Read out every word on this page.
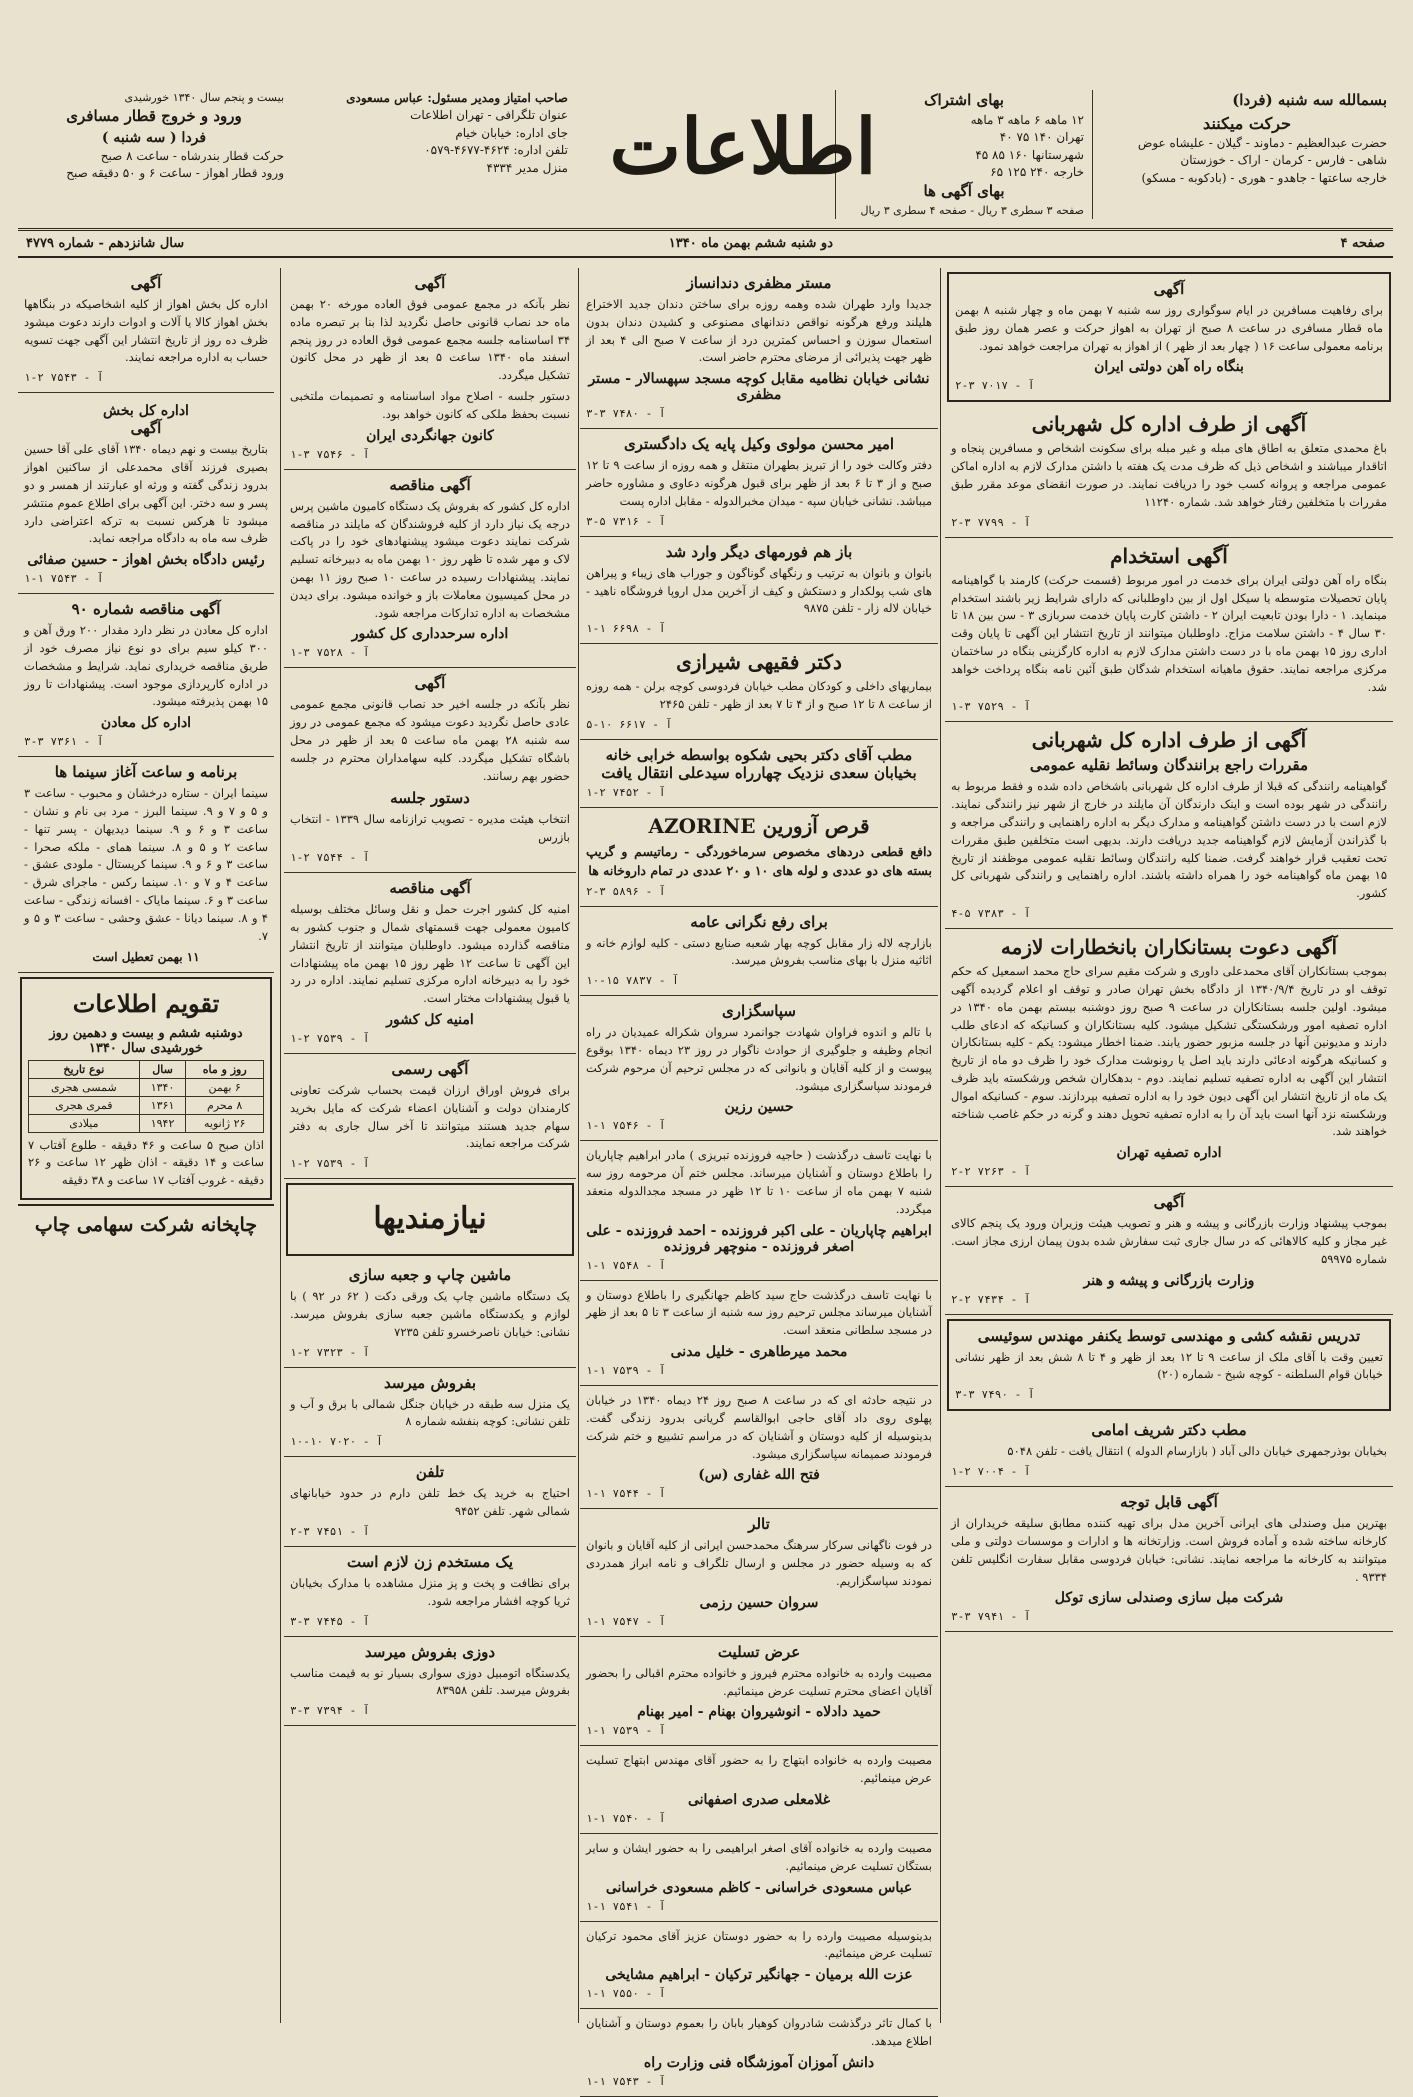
بسمالله سه شنبه (فردا)
حرکت میکنند
حضرت عبدالعظیم - دماوند - گیلان - علیشاه عوض
شاهی - فارس - کرمان - اراک - خوزستان
خارجه ساعتها - جاهدو - هوری - (بادکوبه - مسکو)
بهای اشتراک
۱۲ ماهه ۶ ماهه ۳ ماهه
تهران ۱۴۰ ۷۵ ۴۰
شهرستانها ۱۶۰ ۸۵ ۴۵
خارجه ۲۴۰ ۱۲۵ ۶۵
بهای آگهی ها
صفحه ۳ سطری ۳ ریال - صفحه ۴ سطری ۳ ریال
اطلاعات
صاحب امتیاز ومدیر مسئول: عباس مسعودی
عنوان تلگرافی - تهران اطلاعات
جای اداره: خیابان خیام
تلفن اداره: ۴۶۲۴-۴۶۷۷-۰۵۷۹
منزل مدیر ۴۳۳۴
بیست و پنجم سال ۱۳۴۰ خورشیدی
ورود و خروج قطار مسافری
فردا ( سه شنبه )
حرکت قطار بندرشاه - ساعت ۸ صبح
ورود قطار اهواز - ساعت ۶ و ۵۰ دقیقه صبح
صفحه ۴
دو شنبه ششم بهمن ماه ۱۳۴۰
سال شانزدهم - شماره ۴۷۷۹
آگهی

برای رفاهیت مسافرین در ایام سوگواری روز سه شنبه ۷ بهمن ماه و چهار شنبه ۸ بهمن ماه قطار مسافری در ساعت ۸ صبح از تهران به اهواز حرکت و عصر همان روز طبق برنامه معمولی ساعت ۱۶ ( چهار بعد از ظهر ) از اهواز به تهران مراجعت خواهد نمود.

بنگاه راه آهن دولتی ایران
آ - ۷۰۱۷ ۳-۲
آگهی از طرف اداره کل شهربانی

باغ محمدی متعلق به اطاق های مبله و غیر مبله برای سکونت اشخاص و مسافرین پنجاه و اتاقدار میباشند و اشخاص ذیل که ظرف مدت یک هفته با داشتن مدارک لازم به اداره اماکن عمومی مراجعه و پروانه کسب خود را دریافت نمایند. در صورت انقضای موعد مقرر طبق مقررات با متخلفین رفتار خواهد شد. شماره ۱۱۲۴۰

آ - ۷۷۹۹ ۳-۲
آگهی استخدام

بنگاه راه آهن دولتی ایران برای خدمت در امور مربوط (قسمت حرکت) کارمند با گواهینامه پایان تحصیلات متوسطه یا سیکل اول از بین داوطلبانی که دارای شرایط زیر باشند استخدام مینماید. ۱ - دارا بودن تابعیت ایران ۲ - داشتن کارت پایان خدمت سربازی ۳ - سن بین ۱۸ تا ۳۰ سال ۴ - داشتن سلامت مزاج. داوطلبان میتوانند از تاریخ انتشار این آگهی تا پایان وقت اداری روز ۱۵ بهمن ماه با در دست داشتن مدارک لازم به اداره کارگزینی بنگاه در ساختمان مرکزی مراجعه نمایند. حقوق ماهیانه استخدام شدگان طبق آئین نامه بنگاه پرداخت خواهد شد.

آ - ۷۵۲۹ ۳-۱
آگهی از طرف اداره کل شهربانی
مقررات راجع برانندگان وسائط نقلیه عمومی

گواهینامه رانندگی که قبلا از طرف اداره کل شهربانی باشخاص داده شده و فقط مربوط به رانندگی در شهر بوده است و اینک دارندگان آن مایلند در خارج از شهر نیز رانندگی نمایند. لازم است با در دست داشتن گواهینامه و مدارک دیگر به اداره راهنمایی و رانندگی مراجعه و با گذراندن آزمایش لازم گواهینامه جدید دریافت دارند. بدیهی است متخلفین طبق مقررات تحت تعقیب قرار خواهند گرفت. ضمنا کلیه رانندگان وسائط نقلیه عمومی موظفند از تاریخ ۱۵ بهمن ماه گواهینامه خود را همراه داشته باشند. اداره راهنمایی و رانندگی شهربانی کل کشور.

آ - ۷۳۸۳ ۵-۴
آگهی دعوت بستانکاران بانخطارات لازمه

بموجب بستانکاران آقای محمدعلی داوری و شرکت مقیم سرای حاج محمد اسمعیل که حکم توقف او در تاریخ ۱۳۴۰/۹/۴ از دادگاه بخش تهران صادر و توقف او اعلام گردیده آگهی میشود. اولین جلسه بستانکاران در ساعت ۹ صبح روز دوشنبه بیستم بهمن ماه ۱۳۴۰ در اداره تصفیه امور ورشکستگی تشکیل میشود. کلیه بستانکاران و کسانیکه که ادعای طلب دارند و مدیونین آنها در جلسه مزبور حضور یابند. ضمنا اخطار میشود: یکم - کلیه بستانکاران و کسانیکه هرگونه ادعائی دارند باید اصل یا رونوشت مدارک خود را ظرف دو ماه از تاریخ انتشار این آگهی به اداره تصفیه تسلیم نمایند. دوم - بدهکاران شخص ورشکسته باید ظرف یک ماه از تاریخ انتشار این آگهی دیون خود را به اداره تصفیه بپردازند. سوم - کسانیکه اموال ورشکسته نزد آنها است باید آن را به اداره تصفیه تحویل دهند و گرنه در حکم غاصب شناخته خواهند شد.

اداره تصفیه تهران
آ - ۷۲۶۳ ۲-۲
آگهی

بموجب پیشنهاد وزارت بازرگانی و پیشه و هنر و تصویب هیئت وزیران ورود یک پنجم کالای غیر مجاز و کلیه کالاهائی که در سال جاری ثبت سفارش شده بدون پیمان ارزی مجاز است. شماره ۵۹۹۷۵

وزارت بازرگانی و پیشه و هنر
آ - ۷۴۳۴ ۲-۲
تدریس نقشه کشی و مهندسی توسط یکنفر مهندس سوئیسی

تعیین وقت با آقای ملک از ساعت ۹ تا ۱۲ بعد از ظهر و ۴ تا ۸ شش بعد از ظهر نشانی خیابان قوام السلطنه - کوچه شیخ - شماره (۲۰)

آ - ۷۴۹۰ ۳-۳
مطب دکتر شریف امامی

بخیابان بوذرجمهری خیابان دالی آباد ( بازارسام الدوله ) انتقال یافت - تلفن ۵۰۴۸

آ - ۷۰۰۴ ۲-۱
آگهی قابل توجه

بهترین مبل وصندلی های ایرانی آخرین مدل برای تهیه کننده مطابق سلیقه خریداران از کارخانه ساخته شده و آماده فروش است. وزارتخانه ها و ادارات و موسسات دولتی و ملی میتوانند به کارخانه ما مراجعه نمایند. نشانی: خیابان فردوسی مقابل سفارت انگلیس تلفن ۹۳۳۴ .

شرکت مبل سازی وصندلی سازی توکل
آ - ۷۹۴۱ ۳-۳
مستر مظفری دندانساز

جدیدا وارد طهران شده وهمه روزه برای ساختن دندان جدید الاختراع هلیلند ورفع هرگونه نواقص دندانهای مصنوعی و کشیدن دندان بدون استعمال سوزن و احساس کمترین درد از ساعت ۷ صبح الی ۴ بعد از ظهر جهت پذیرائی از مرضای محترم حاضر است.

نشانی خیابان نظامیه مقابل کوچه مسجد سپهسالار - مستر مظفری
آ - ۷۴۸۰ ۳-۳
امیر محسن مولوی وکیل پایه یک دادگستری

دفتر وکالت خود را از تبریز بطهران منتقل و همه روزه از ساعت ۹ تا ۱۲ صبح و از ۳ تا ۶ بعد از ظهر برای قبول هرگونه دعاوی و مشاوره حاضر میباشد. نشانی خیابان سپه - میدان مخبرالدوله - مقابل اداره پست

آ - ۷۳۱۶ ۵-۳
باز هم فورمهای دیگر وارد شد

بانوان و بانوان به ترتیب و رنگهای گوناگون و جوراب های زیباء و پیراهن های شب پولکدار و دستکش و کیف از آخرین مدل اروپا فروشگاه ناهید - خیابان لاله زار - تلفن ۹۸۷۵

آ - ۶۶۹۸ ۱-۱
دکتر فقیهی شیرازی

بیماریهای داخلی و کودکان مطب خیابان فردوسی کوچه برلن - همه روزه از ساعت ۸ تا ۱۲ صبح و از ۴ تا ۷ بعد از ظهر - تلفن ۲۴۶۵

آ - ۶۶۱۷ ۱۰-۵
مطب آقای دکتر بحیی شکوه بواسطه خرابی خانه بخیابان سعدی نزدیک چهارراه سیدعلی انتقال یافت
آ - ۷۴۵۲ ۲-۱
قرص آزورین AZORINE

دافع قطعی دردهای مخصوص سرماخوردگی - رماتیسم و گریپ بسته های دو عددی و لوله های ۱۰ و ۲۰ عددی در تمام داروخانه ها

آ - ۵۸۹۶ ۳-۲
برای رفع نگرانی عامه

بازارچه لاله زار مقابل کوچه بهار شعبه صنایع دستی - کلیه لوازم خانه و اثاثیه منزل با بهای مناسب بفروش میرسد.

آ - ۷۸۳۷ ۱۵-۱۰
سپاسگزاری

با تالم و اندوه فراوان شهادت جوانمرد سروان شکراله عمیدیان در راه انجام وظیفه و جلوگیری از حوادث ناگوار در روز ۲۳ دیماه ۱۳۴۰ بوقوع پیوست و از کلیه آقایان و بانوانی که در مجلس ترحیم آن مرحوم شرکت فرمودند سپاسگزاری میشود.

حسین رزین
آ - ۷۵۴۶ ۱-۱

با نهایت تاسف درگذشت ( حاجیه فروزنده تبریزی ) مادر ابراهیم چاپاریان را باطلاع دوستان و آشنایان میرساند. مجلس ختم آن مرحومه روز سه شنبه ۷ بهمن ماه از ساعت ۱۰ تا ۱۲ ظهر در مسجد مجدالدوله منعقد میگردد.

ابراهیم چاپاریان - علی اکبر فروزنده - احمد فروزنده - علی اصغر فروزنده - منوچهر فروزنده
آ - ۷۵۴۸ ۱-۱

با نهایت تاسف درگذشت حاج سید کاظم جهانگیری را باطلاع دوستان و آشنایان میرساند مجلس ترحیم روز سه شنبه از ساعت ۳ تا ۵ بعد از ظهر در مسجد سلطانی منعقد است.

محمد میرطاهری - خلیل مدنی
آ - ۷۵۳۹ ۱-۱

در نتیجه حادثه ای که در ساعت ۸ صبح روز ۲۴ دیماه ۱۳۴۰ در خیابان پهلوی روی داد آقای حاجی ابوالقاسم گریانی بدرود زندگی گفت. بدینوسیله از کلیه دوستان و آشنایان که در مراسم تشییع و ختم شرکت فرمودند صمیمانه سپاسگزاری میشود.

فتح الله غفاری (س)
آ - ۷۵۴۴ ۱-۱
تالر

در فوت ناگهانی سرکار سرهنگ محمدحسن ایرانی از کلیه آقایان و بانوان که به وسیله حضور در مجلس و ارسال تلگراف و نامه ابراز همدردی نمودند سپاسگزاریم.

سروان حسین رزمی
آ - ۷۵۴۷ ۱-۱
عرض تسلیت

مصیبت وارده به خانواده محترم فیروز و خانواده محترم اقبالی را بحضور آقایان اعضای محترم تسلیت عرض مینمائیم.

حمید دادلاه - انوشیروان بهنام - امیر بهنام
آ - ۷۵۳۹ ۱-۱

مصیبت وارده به خانواده ابتهاج را به حضور آقای مهندس ابتهاج تسلیت عرض مینمائیم.

غلامعلی صدری اصفهانی
آ - ۷۵۴۰ ۱-۱

مصیبت وارده به خانواده آقای اصغر ابراهیمی را به حضور ایشان و سایر بستگان تسلیت عرض مینمائیم.

عباس مسعودی خراسانی - کاظم مسعودی خراسانی
آ - ۷۵۴۱ ۱-۱

بدینوسیله مصیبت وارده را به حضور دوستان عزیز آقای محمود ترکیان تسلیت عرض مینمائیم.

عزت الله برمیان - جهانگیر ترکیان - ابراهیم مشایخی
آ - ۷۵۵۰ ۱-۱

با کمال تاثر درگذشت شادروان کوهیار بابان را بعموم دوستان و آشنایان اطلاع میدهد.

دانش آموزان آموزشگاه فنی وزارت راه
آ - ۷۵۴۳ ۱-۱
آگهی

نظر بآنکه در مجمع عمومی فوق العاده مورخه ۲۰ بهمن ماه حد نصاب قانونی حاصل نگردید لذا بنا بر تبصره ماده ۳۴ اساسنامه جلسه مجمع عمومی فوق العاده در روز پنجم اسفند ماه ۱۳۴۰ ساعت ۵ بعد از ظهر در محل کانون تشکیل میگردد.

دستور جلسه - اصلاح مواد اساسنامه و تصمیمات ملتخبی نسبت بحفظ ملکی که کانون خواهد بود.

کانون جهانگردی ایران
آ - ۷۵۴۶ ۳-۱
آگهی مناقصه

اداره کل کشور که بفروش یک دستگاه کامیون ماشین پرس درجه یک نیاز دارد از کلیه فروشندگان که مایلند در مناقصه شرکت نمایند دعوت میشود پیشنهادهای خود را در پاکت لاک و مهر شده تا ظهر روز ۱۰ بهمن ماه به دبیرخانه تسلیم نمایند. پیشنهادات رسیده در ساعت ۱۰ صبح روز ۱۱ بهمن در محل کمیسیون معاملات باز و خوانده میشود. برای دیدن مشخصات به اداره تدارکات مراجعه شود.

اداره سرحدداری کل کشور
آ - ۷۵۲۸ ۳-۱
آگهی

نظر بآنکه در جلسه اخیر حد نصاب قانونی مجمع عمومی عادی حاصل نگردید دعوت میشود که مجمع عمومی در روز سه شنبه ۲۸ بهمن ماه ساعت ۵ بعد از ظهر در محل باشگاه تشکیل میگردد. کلیه سهامداران محترم در جلسه حضور بهم رسانند.

دستور جلسه

انتخاب هیئت مدیره - تصویب ترازنامه سال ۱۳۳۹ - انتخاب بازرس

آ - ۷۵۴۴ ۲-۱
آگهی مناقصه

امنیه کل کشور اجرت حمل و نقل وسائل مختلف بوسیله کامیون معمولی جهت قسمتهای شمال و جنوب کشور به مناقصه گذارده میشود. داوطلبان میتوانند از تاریخ انتشار این آگهی تا ساعت ۱۲ ظهر روز ۱۵ بهمن ماه پیشنهادات خود را به دبیرخانه اداره مرکزی تسلیم نمایند. اداره در رد یا قبول پیشنهادات مختار است.

امنیه کل کشور
آ - ۷۵۳۹ ۲-۱
آگهی رسمی

برای فروش اوراق ارزان قیمت بحساب شرکت تعاونی کارمندان دولت و آشنایان اعضاء شرکت که مایل بخرید سهام جدید هستند میتوانند تا آخر سال جاری به دفتر شرکت مراجعه نمایند.

آ - ۷۵۳۹ ۲-۱
نیازمندیها
ماشین چاپ و جعبه سازی

یک دستگاه ماشین چاپ یک ورقی دکت ( ۶۲ در ۹۲ ) با لوازم و یکدستگاه ماشین جعبه سازی بفروش میرسد. نشانی: خیابان ناصرخسرو تلفن ۷۲۳۵

آ - ۷۳۲۳ ۲-۱
بفروش میرسد

یک منزل سه طبقه در خیابان جنگل شمالی با برق و آب و تلفن نشانی: کوچه بنفشه شماره ۸

آ - ۷۰۲۰ ۱۰-۱۰
تلفن

احتیاج به خرید یک خط تلفن دارم در حدود خیابانهای شمالی شهر. تلفن ۹۴۵۲

آ - ۷۴۵۱ ۳-۲
یک مستخدم زن لازم است

برای نظافت و پخت و پز منزل مشاهده با مدارک بخیابان ثریا کوچه افشار مراجعه شود.

آ - ۷۴۴۵ ۳-۳
دوزی بفروش میرسد

یکدستگاه اتومبیل دوزی سواری بسیار نو به قیمت مناسب بفروش میرسد. تلفن ۸۳۹۵۸

آ - ۷۳۹۴ ۳-۳
آگهی

اداره کل بخش اهواز از کلیه اشخاصیکه در بنگاهها بخش اهواز کالا یا آلات و ادوات دارند دعوت میشود ظرف ده روز از تاریخ انتشار این آگهی جهت تسویه حساب به اداره مراجعه نمایند.

آ - ۷۵۴۳ ۲-۱
اداره کل بخش
آگهی

بتاریخ بیست و نهم دیماه ۱۳۴۰ آقای علی آقا حسین بصیری فرزند آقای محمدعلی از ساکنین اهواز بدرود زندگی گفته و ورثه او عبارتند از همسر و دو پسر و سه دختر. این آگهی برای اطلاع عموم منتشر میشود تا هرکس نسبت به ترکه اعتراضی دارد ظرف سه ماه به دادگاه مراجعه نماید.

رئیس دادگاه بخش اهواز - حسین صفائی
آ - ۷۵۴۳ ۱-۱
آگهی مناقصه شماره ۹۰

اداره کل معادن در نظر دارد مقدار ۲۰۰ ورق آهن و ۳۰۰ کیلو سیم برای دو نوع نیاز مصرف خود از طریق مناقصه خریداری نماید. شرایط و مشخصات در اداره کارپردازی موجود است. پیشنهادات تا روز ۱۵ بهمن پذیرفته میشود.

اداره کل معادن
آ - ۷۳۶۱ ۳-۳
برنامه و ساعت آغاز سینما ها

سینما ایران - ستاره درخشان و محبوب - ساعت ۳ و ۵ و ۷ و ۹. سینما البرز - مرد بی نام و نشان - ساعت ۳ و ۶ و ۹. سینما دیدیهان - پسر تنها - ساعت ۲ و ۵ و ۸. سینما همای - ملکه صحرا - ساعت ۳ و ۶ و ۹. سینما کریستال - ملودی عشق - ساعت ۴ و ۷ و ۱۰. سینما رکس - ماجرای شرق - ساعت ۳ و ۶. سینما مایاک - افسانه زندگی - ساعت ۴ و ۸. سینما دیانا - عشق وحشی - ساعت ۳ و ۵ و ۷.

۱۱ بهمن تعطیل است
تقویم اطلاعات
دوشنبه ششم و بیست و دهمین روز خورشیدی سال ۱۳۴۰
روز و ماه	سال	نوع تاریخ
۶ بهمن	۱۳۴۰	شمسی هجری
۸ محرم	۱۳۶۱	قمری هجری
۲۶ ژانویه	۱۹۴۲	میلادی

اذان صبح ۵ ساعت و ۴۶ دقیقه - طلوع آفتاب ۷ ساعت و ۱۴ دقیقه - اذان ظهر ۱۲ ساعت و ۲۶ دقیقه - غروب آفتاب ۱۷ ساعت و ۳۸ دقیقه

چاپخانه شرکت سهامی چاپ
